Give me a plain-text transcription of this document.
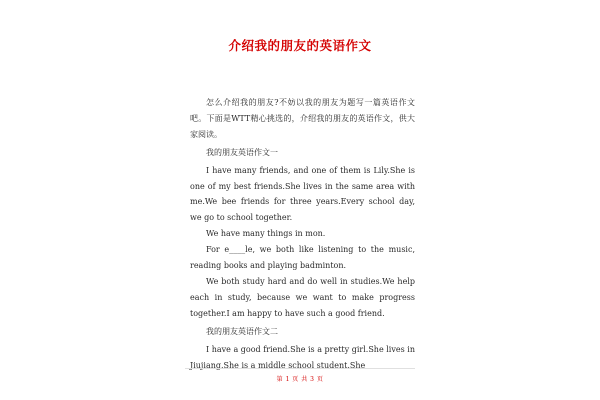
介绍我的朋友的英语作文

怎么介绍我的朋友?不妨以我的朋友为题写一篇英语作文吧。下面是WTT精心挑选的，介绍我的朋友的英语作文，供大家阅读。

我的朋友英语作文一

I have many friends, and one of them is Lily.She is one of my best friends.She lives in the same area with me.We bee friends for three years.Every school day, we go to school together.

We have many things in mon.

For e____le, we both like listening to the music, reading books and playing badminton.

We both study hard and do well in studies.We help each in study, because we want to make progress together.I am happy to have such a good friend.

我的朋友英语作文二

I have a good friend.She is a pretty girl.She lives in Jiujiang.She is a middle school student.She

第 1 页 共 3 页
